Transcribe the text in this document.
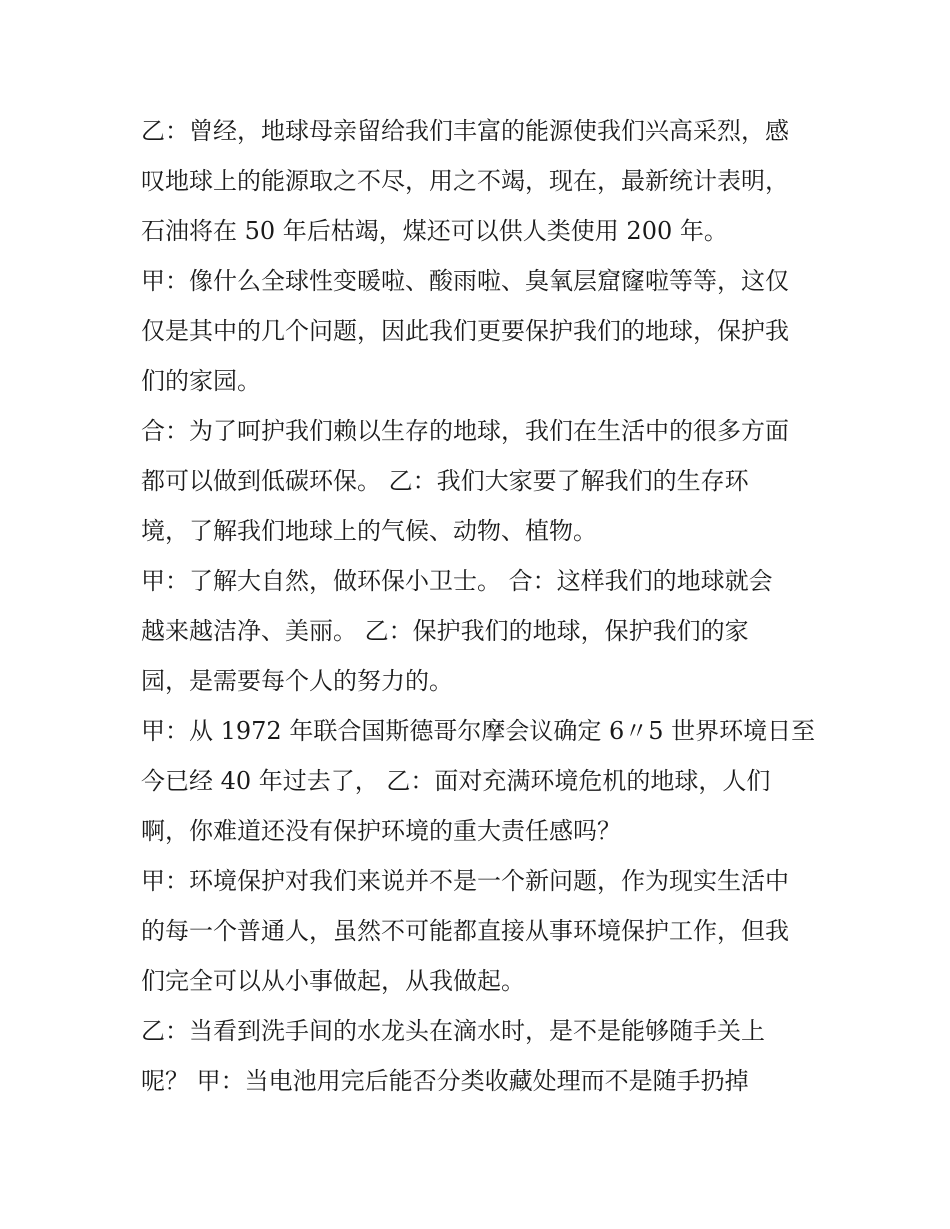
乙：曾经，地球母亲留给我们丰富的能源使我们兴高采烈，感
叹地球上的能源取之不尽，用之不竭，现在，最新统计表明，
石油将在 50 年后枯竭，煤还可以供人类使用 200 年。
甲：像什么全球性变暖啦、酸雨啦、臭氧层窟窿啦等等，这仅
仅是其中的几个问题，因此我们更要保护我们的地球，保护我
们的家园。
合：为了呵护我们赖以生存的地球，我们在生活中的很多方面
都可以做到低碳环保。 乙：我们大家要了解我们的生存环
境，了解我们地球上的气候、动物、植物。
甲：了解大自然，做环保小卫士。 合：这样我们的地球就会
越来越洁净、美丽。 乙：保护我们的地球，保护我们的家
园，是需要每个人的努力的。
甲：从 1972 年联合国斯德哥尔摩会议确定 6〃5 世界环境日至
今已经 40 年过去了， 乙：面对充满环境危机的地球，人们
啊，你难道还没有保护环境的重大责任感吗？
甲：环境保护对我们来说并不是一个新问题，作为现实生活中
的每一个普通人，虽然不可能都直接从事环境保护工作，但我
们完全可以从小事做起，从我做起。
乙：当看到洗手间的水龙头在滴水时，是不是能够随手关上
呢？ 甲：当电池用完后能否分类收藏处理而不是随手扔掉
